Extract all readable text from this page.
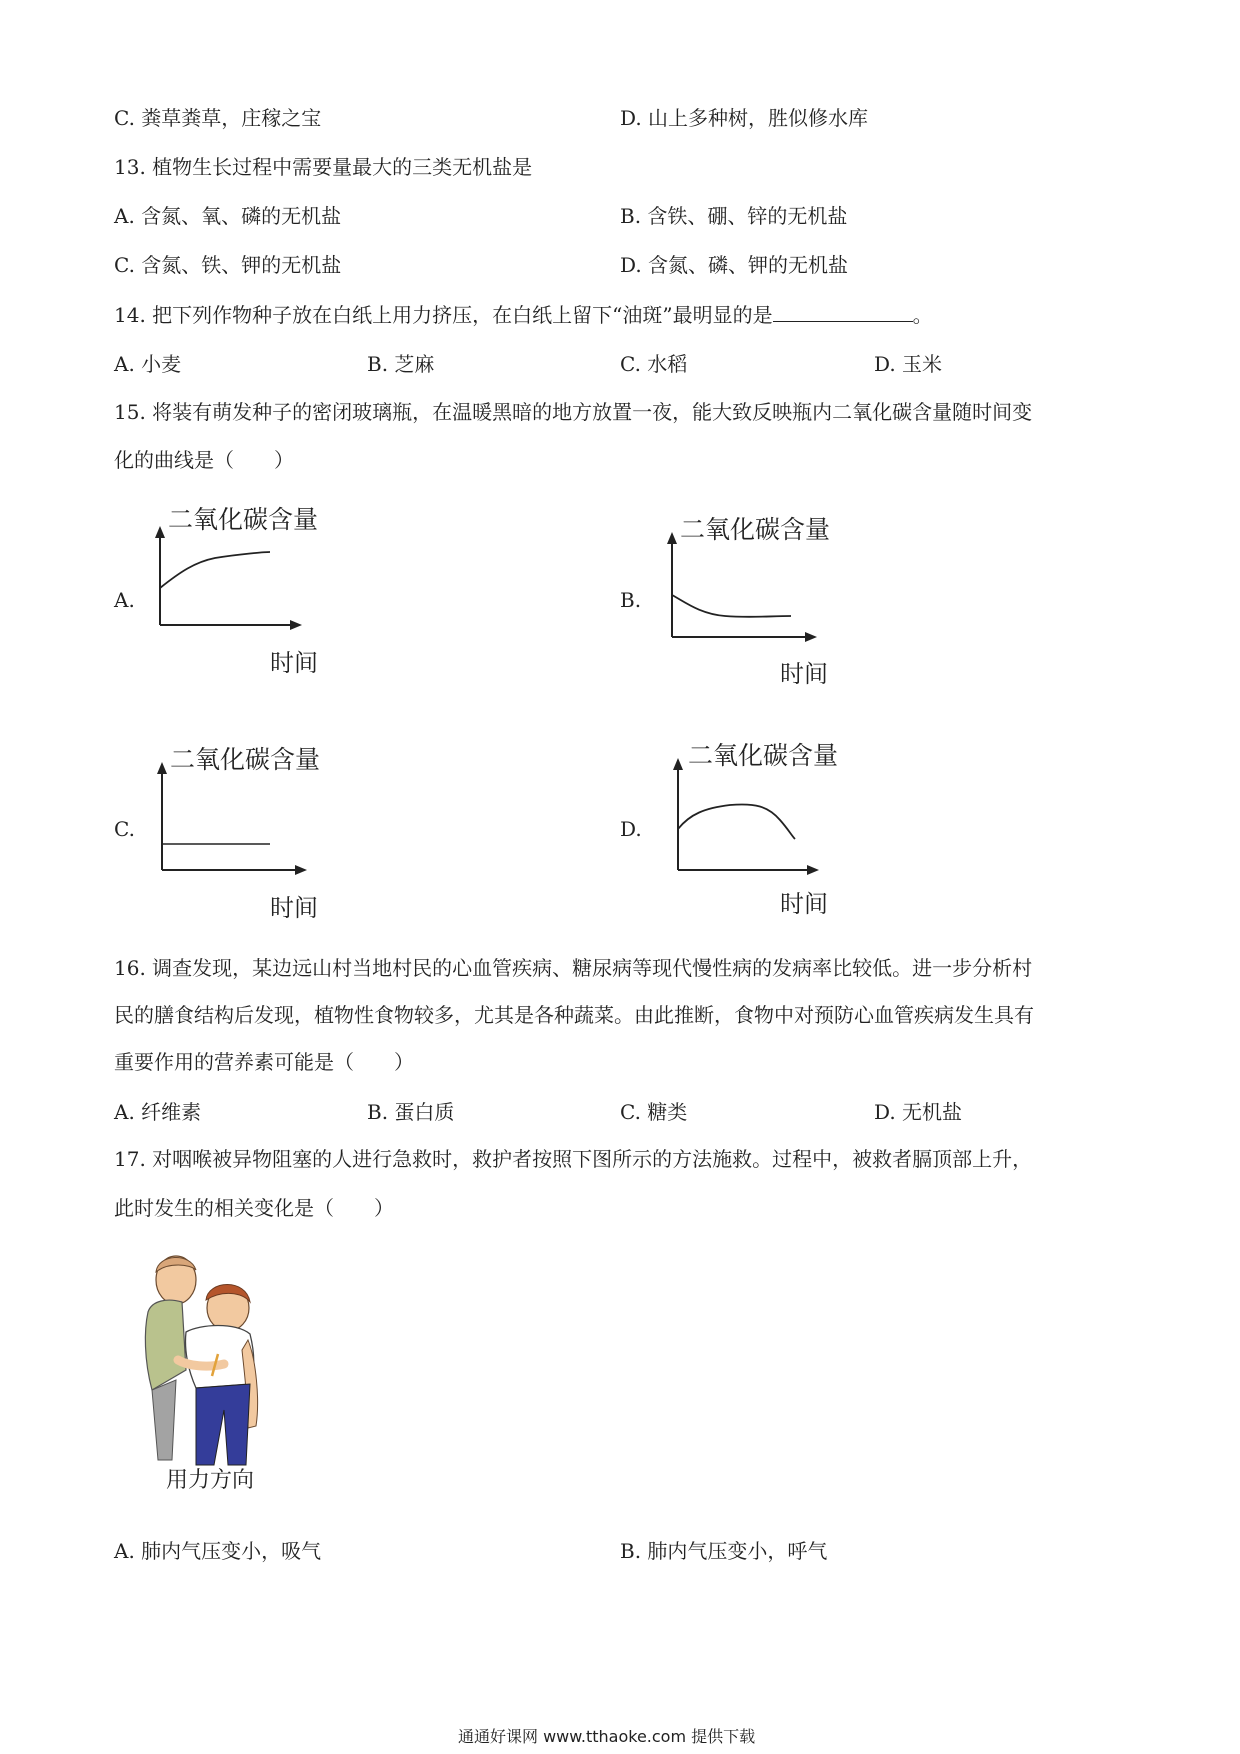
C. 粪草粪草，庄稼之宝	D. 山上多种树，胜似修水库
13. 植物生长过程中需要量最大的三类无机盐是
A. 含氮、氧、磷的无机盐	B. 含铁、硼、锌的无机盐
C. 含氮、铁、钾的无机盐	D. 含氮、磷、钾的无机盐
14. 把下列作物种子放在白纸上用力挤压，在白纸上留下“油斑”最明显的是	。
A. 小麦	B. 芝麻	C. 水稻	D. 玉米
15. 将装有萌发种子的密闭玻璃瓶，在温暖黑暗的地方放置一夜，能大致反映瓶内二氧化碳含量随时间变
化的曲线是（　　）
A.
二氧化碳含量
时间
B.
二氧化碳含量
时间
C.
二氧化碳含量
时间
D.
二氧化碳含量
时间
16. 调查发现，某边远山村当地村民的心血管疾病、糖尿病等现代慢性病的发病率比较低。进一步分析村
民的膳食结构后发现，植物性食物较多，尤其是各种蔬菜。由此推断，食物中对预防心血管疾病发生具有
重要作用的营养素可能是（　　）
A. 纤维素	B. 蛋白质	C. 糖类	D. 无机盐
17. 对咽喉被异物阻塞的人进行急救时，救护者按照下图所示的方法施救。过程中，被救者膈顶部上升，
此时发生的相关变化是（　　）
用力方向
A. 肺内气压变小，吸气	B. 肺内气压变小，呼气
通通好课网 www.tthaoke.com 提供下载
